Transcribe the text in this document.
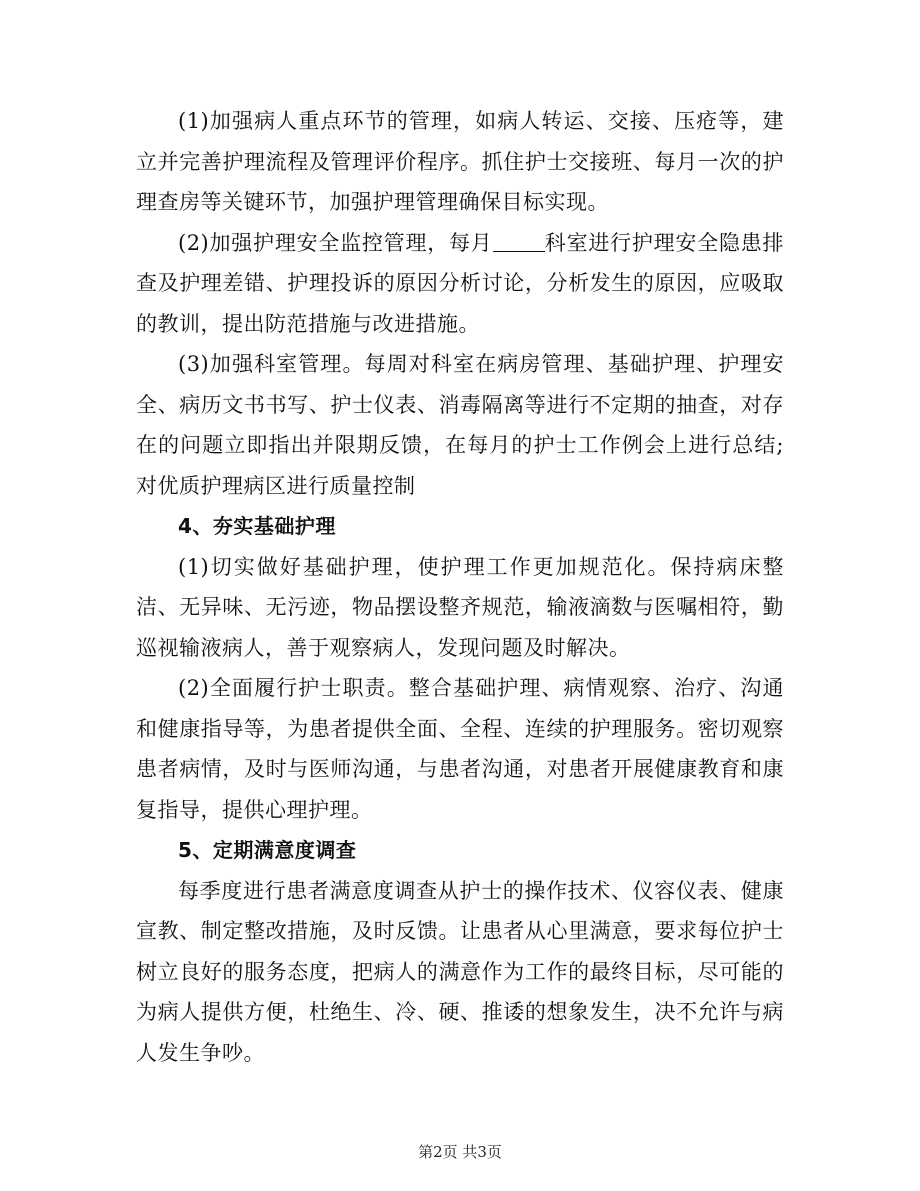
(1)加强病人重点环节的管理，如病人转运、交接、压疮等，建立并完善护理流程及管理评价程序。抓住护士交接班、每月一次的护理查房等关键环节，加强护理管理确保目标实现。

(2)加强护理安全监控管理，每月 科室进行护理安全隐患排查及护理差错、护理投诉的原因分析讨论，分析发生的原因，应吸取的教训，提出防范措施与改进措施。

(3)加强科室管理。每周对科室在病房管理、基础护理、护理安全、病历文书书写、护士仪表、消毒隔离等进行不定期的抽查，对存在的问题立即指出并限期反馈，在每月的护士工作例会上进行总结;对优质护理病区进行质量控制

4、夯实基础护理

(1)切实做好基础护理，使护理工作更加规范化。保持病床整洁、无异味、无污迹，物品摆设整齐规范，输液滴数与医嘱相符，勤巡视输液病人，善于观察病人，发现问题及时解决。

(2)全面履行护士职责。整合基础护理、病情观察、治疗、沟通和健康指导等，为患者提供全面、全程、连续的护理服务。密切观察患者病情，及时与医师沟通，与患者沟通，对患者开展健康教育和康复指导，提供心理护理。

5、定期满意度调查

每季度进行患者满意度调查从护士的操作技术、仪容仪表、健康宣教、制定整改措施，及时反馈。让患者从心里满意，要求每位护士树立良好的服务态度，把病人的满意作为工作的最终目标，尽可能的为病人提供方便，杜绝生、冷、硬、推诿的想象发生，决不允许与病人发生争吵。

第2页 共3页
